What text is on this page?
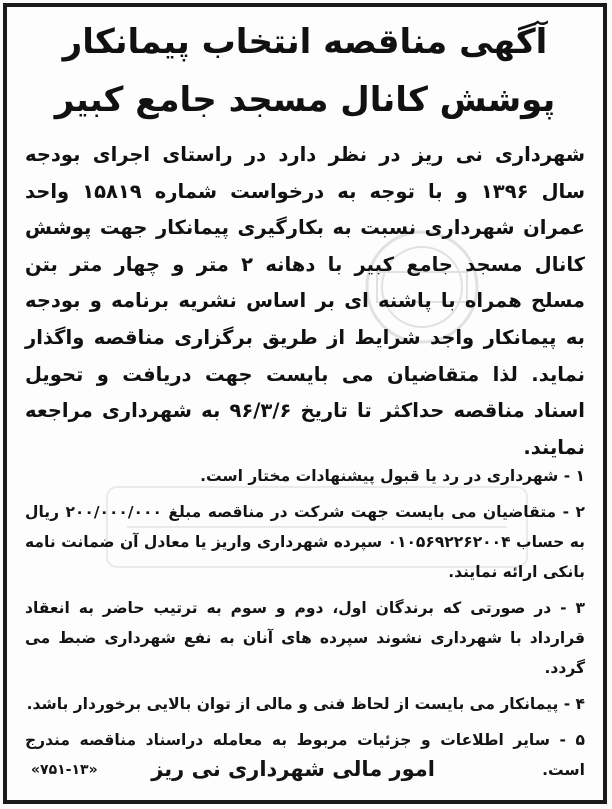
آگهی مناقصه انتخاب پیمانکار
پوشش کانال مسجد جامع کبیر
شهرداری نی ریز در نظر دارد در راستای اجرای بودجه سال ۱۳۹۶ و با توجه به درخواست شماره ۱۵۸۱۹ واحد عمران شهرداری نسبت به بکارگیری پیمانکار جهت پوشش کانال مسجد جامع کبیر با دهانه ۲ متر و چهار متر بتن مسلح همراه با پاشنه ای بر اساس نشریه برنامه و بودجه به پیمانکار واجد شرایط از طریق برگزاری مناقصه واگذار نماید. لذا متقاضیان می بایست جهت دریافت و تحویل اسناد مناقصه حداکثر تا تاریخ ۹۶/۳/۶ به شهرداری مراجعه نمایند.
۱ - شهرداری در رد یا قبول پیشنهادات مختار است.
۲ - متقاضیان می بایست جهت شرکت در مناقصه مبلغ ۲۰۰/۰۰۰/۰۰۰ ریال به حساب ۰۱۰۵۶۹۲۲۶۲۰۰۴ سپرده شهرداری واریز یا معادل آن ضمانت نامه بانکی ارائه نمایند.
۳ - در صورتی که برندگان اول، دوم و سوم به ترتیب حاضر به انعقاد قرارداد با شهرداری نشوند سپرده های آنان به نفع شهرداری ضبط می گردد.
۴ - پیمانکار می بایست از لحاظ فنی و مالی از توان بالایی برخوردار باشد.
۵ - سایر اطلاعات و جزئیات مربوط به معامله دراسناد مناقصه مندرج است.
امور مالی شهرداری نی ریز
«۷۵۱-۱۳»
